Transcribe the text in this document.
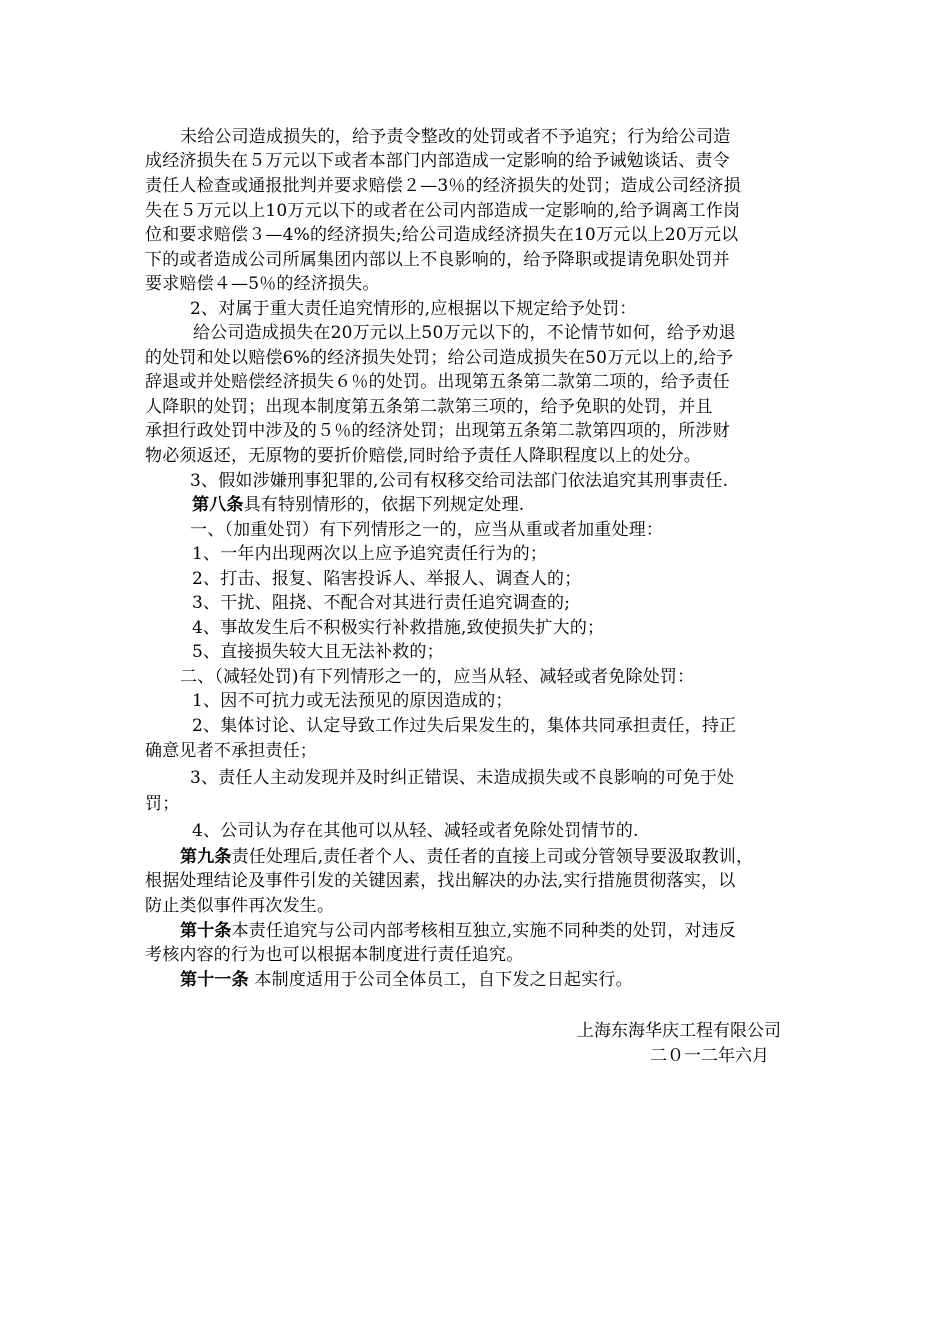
未给公司造成损失的，给予责令整改的处罚或者不予追究；行为给公司造
成经济损失在５万元以下或者本部门内部造成一定影响的给予诫勉谈话、责令
责任人检查或通报批判并要求赔偿２—3％的经济损失的处罚；造成公司经济损
失在５万元以上10万元以下的或者在公司内部造成一定影响的,给予调离工作岗
位和要求赔偿３—4%的经济损失;给公司造成经济损失在10万元以上20万元以
下的或者造成公司所属集团内部以上不良影响的，给予降职或提请免职处罚并
要求赔偿４—5％的经济损失。
2、对属于重大责任追究情形的,应根据以下规定给予处罚：
给公司造成损失在20万元以上50万元以下的，不论情节如何，给予劝退
的处罚和处以赔偿6%的经济损失处罚；给公司造成损失在50万元以上的,给予
辞退或并处赔偿经济损失６％的处罚。出现第五条第二款第二项的，给予责任
人降职的处罚；出现本制度第五条第二款第三项的，给予免职的处罚，并且
承担行政处罚中涉及的５％的经济处罚；出现第五条第二款第四项的，所涉财
物必须返还，无原物的要折价赔偿,同时给予责任人降职程度以上的处分。
3、假如涉嫌刑事犯罪的,公司有权移交给司法部门依法追究其刑事责任.
第八条具有特别情形的，依据下列规定处理.
一、（加重处罚）有下列情形之一的，应当从重或者加重处理：
1、一年内出现两次以上应予追究责任行为的；
2、打击、报复、陷害投诉人、举报人、调查人的；
3、干扰、阻挠、不配合对其进行责任追究调查的;
4、事故发生后不积极实行补救措施,致使损失扩大的；
5、直接损失较大且无法补救的；
二、（减轻处罚)有下列情形之一的，应当从轻、减轻或者免除处罚：
1、因不可抗力或无法预见的原因造成的；
2、集体讨论、认定导致工作过失后果发生的，集体共同承担责任，持正
确意见者不承担责任；
3、责任人主动发现并及时纠正错误、未造成损失或不良影响的可免于处
罚；
4、公司认为存在其他可以从轻、减轻或者免除处罚情节的.
第九条责任处理后,责任者个人、责任者的直接上司或分管领导要汲取教训，
根据处理结论及事件引发的关键因素，找出解决的办法,实行措施贯彻落实，以
防止类似事件再次发生。
第十条本责任追究与公司内部考核相互独立,实施不同种类的处罚，对违反
考核内容的行为也可以根据本制度进行责任追究。
第十一条 本制度适用于公司全体员工，自下发之日起实行。
上海东海华庆工程有限公司
二０一二年六月
